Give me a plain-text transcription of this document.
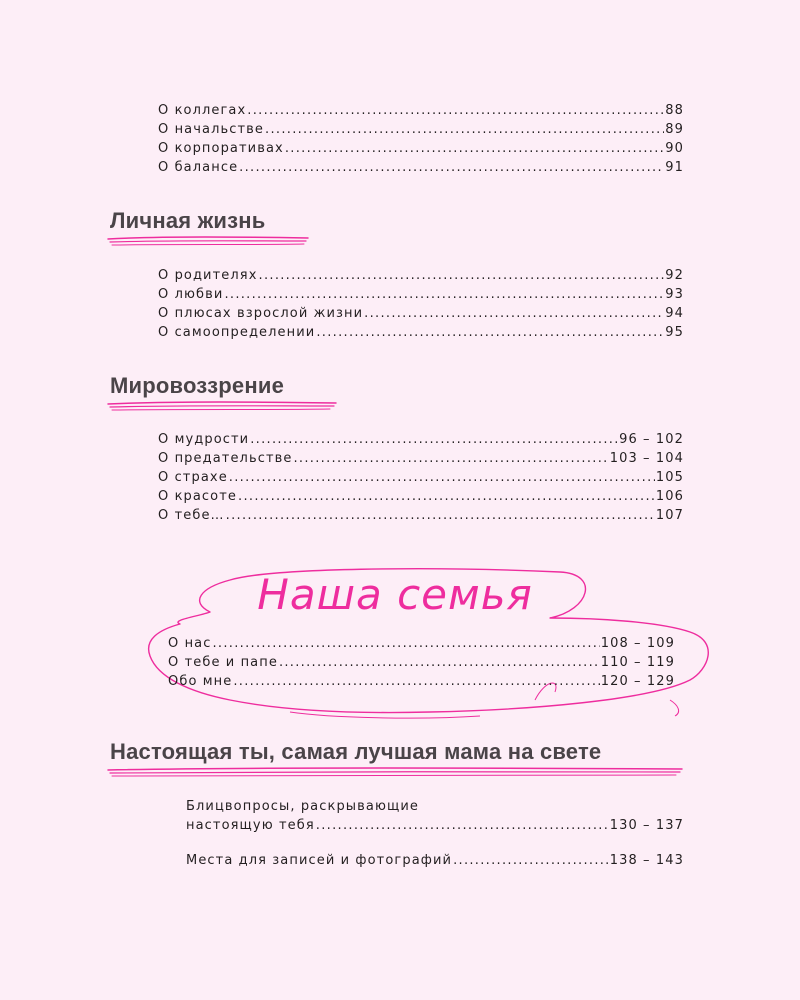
О коллегах .....	88
О начальстве .....	89
О корпоративах .....	90
О балансе .....	91
Личная жизнь
О родителях .....	92
О любви .....	93
О плюсах взрослой жизни .....	94
О самоопределении .....	95
Мировоззрение
О мудрости .....	96 – 102
О предательстве .....	103 – 104
О страхе .....	105
О красоте .....	106
О тебе… .....	107
Наша семья
О нас .....	108 – 109
О тебе и папе .....	110 – 119
Обо мне .....	120 – 129
Настоящая ты, самая лучшая мама на свете
Блицвопросы, раскрывающие
настоящую тебя .....	130 – 137
Места для записей и фотографий .....	138 – 143
